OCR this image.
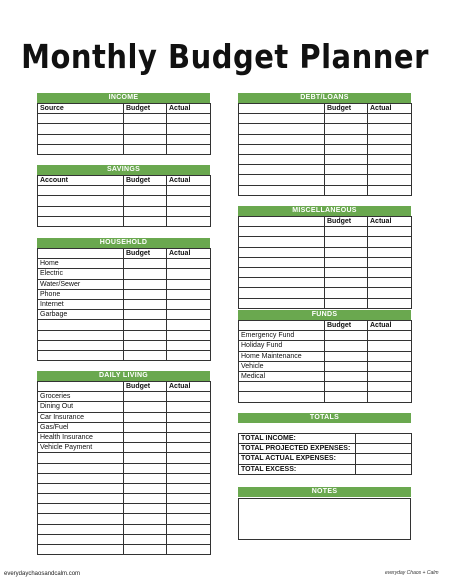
Monthly Budget Planner
INCOME
Source	Budget	Actual

SAVINGS
Account	Budget	Actual

HOUSEHOLD
	Budget	Actual
Home		
Electric		
Water/Sewer		
Phone		
Internet		
Garbage		

DAILY LIVING
	Budget	Actual
Groceries		
Dining Out		
Car Insurance		
Gas/Fuel		
Health Insurance		
Vehicle Payment		

DEBT/LOANS
	Budget	Actual

MISCELLANEOUS
	Budget	Actual

FUNDS
	Budget	Actual
Emergency Fund		
Holiday Fund		
Home Maintenance		
Vehicle		
Medical		

TOTALS
TOTAL INCOME:	
TOTAL PROJECTED EXPENSES:	
TOTAL ACTUAL EXPENSES:	
TOTAL EXCESS:	
NOTES
everydaychaosandcalm.com	everyday Chaos + Calm
